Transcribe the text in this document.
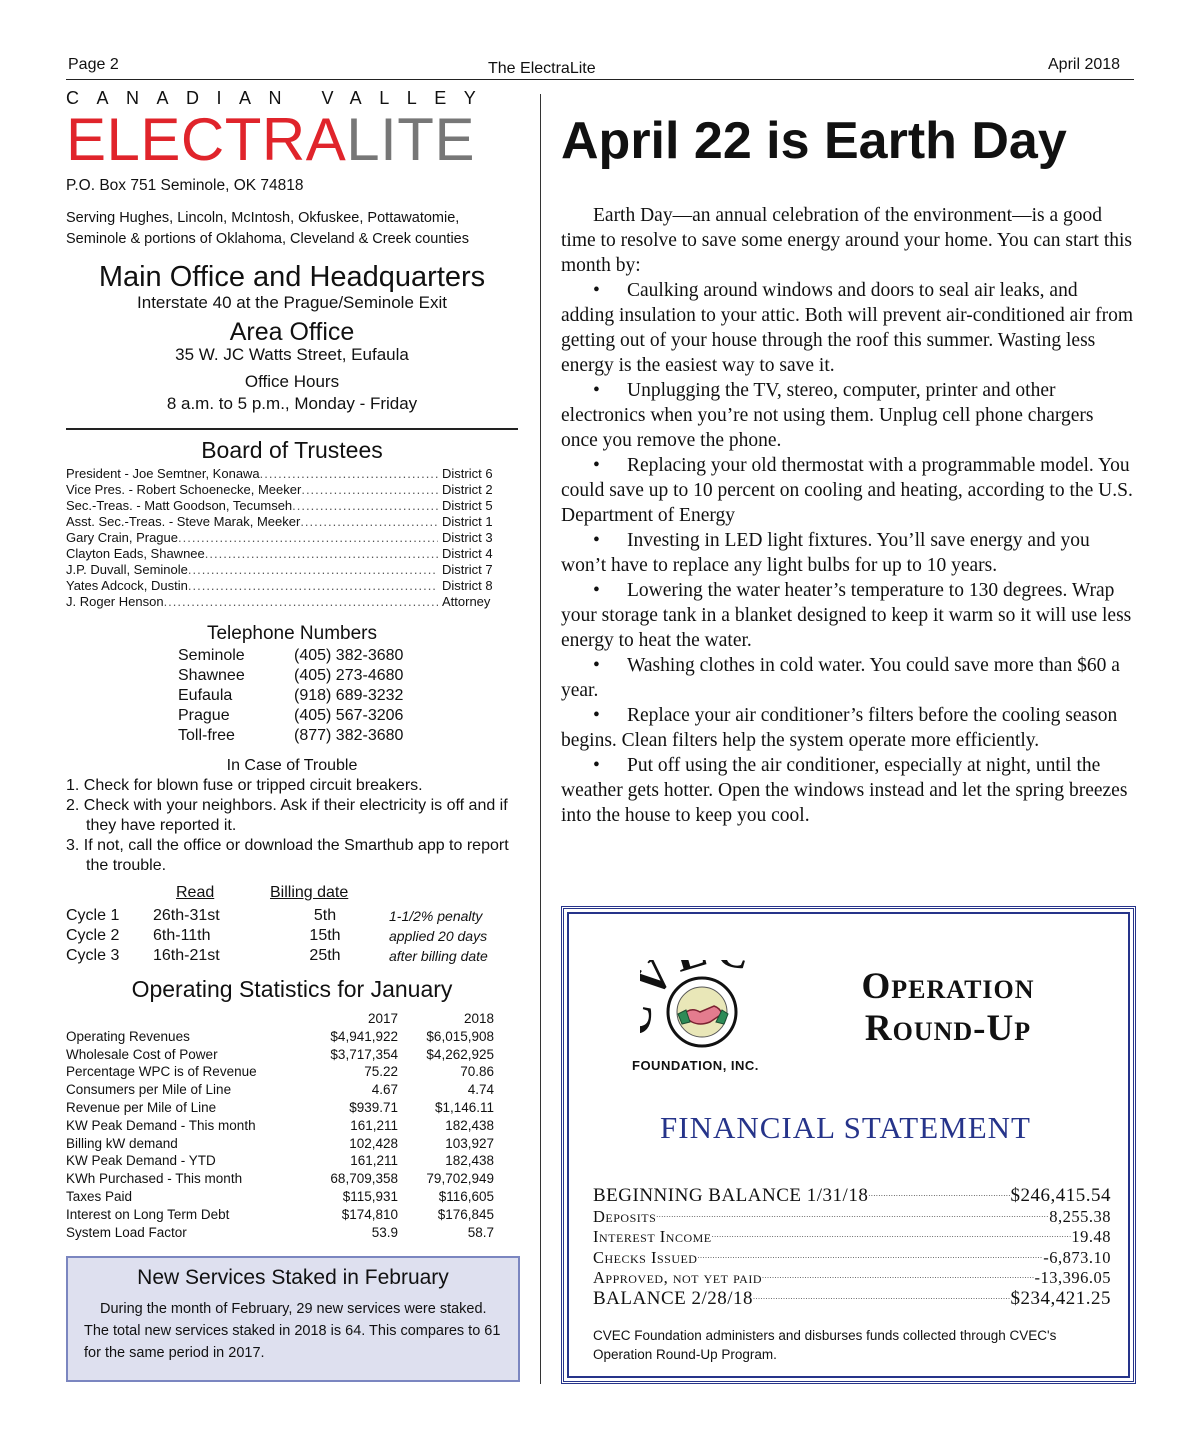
Page 2	The ElectraLite	April 2018
CANADIAN VALLEY
ELECTRALITE
P.O. Box 751 Seminole, OK 74818
Serving Hughes, Lincoln, McIntosh, Okfuskee, Pottawatomie,
Seminole & portions of Oklahoma, Cleveland & Creek counties
Main Office and Headquarters
Interstate 40 at the Prague/Seminole Exit
Area Office
35 W. JC Watts Street, Eufaula
Office Hours
8 a.m. to 5 p.m., Monday - Friday
Board of Trustees
President - Joe Semtner, Konawa .....	District 6
Vice Pres. - Robert Schoenecke, Meeker .....	District 2
Sec.-Treas. - Matt Goodson, Tecumseh .....	District 5
Asst. Sec.-Treas. - Steve Marak, Meeker .....	District 1
Gary Crain, Prague .....	District 3
Clayton Eads, Shawnee .....	District 4
J.P. Duvall, Seminole .....	District 7
Yates Adcock, Dustin .....	District 8
J. Roger Henson .....	Attorney
Telephone Numbers
Seminole	(405) 382-3680
Shawnee	(405) 273-4680
Eufaula	(918) 689-3232
Prague	(405) 567-3206
Toll-free	(877) 382-3680
In Case of Trouble
1. Check for blown fuse or tripped circuit breakers.
2. Check with your neighbors. Ask if their electricity is off and if they have reported it.
3. If not, call the office or download the Smarthub app to report the trouble.
Read	Billing date
Cycle 1	26th-31st	5th	1-1/2% penalty
Cycle 2	6th-11th	15th	applied 20 days
Cycle 3	16th-21st	25th	after billing date
Operating Statistics for January
2017	2018
Operating Revenues	$4,941,922	$6,015,908
Wholesale Cost of Power	$3,717,354	$4,262,925
Percentage WPC is of Revenue	75.22	70.86
Consumers per Mile of Line	4.67	4.74
Revenue per Mile of Line	$939.71	$1,146.11
KW Peak Demand - This month	161,211	182,438
Billing kW demand	102,428	103,927
KW Peak Demand - YTD	161,211	182,438
KWh Purchased - This month	68,709,358	79,702,949
Taxes Paid	$115,931	$116,605
Interest on Long Term Debt	$174,810	$176,845
System Load Factor	53.9	58.7
New Services Staked in February
During the month of February, 29 new services were staked. The total new services staked in 2018 is 64. This compares to 61 for the same period in 2017.
April 22 is Earth Day

Earth Day—an annual celebration of the environment—is a good time to resolve to save some energy around your home. You can start this month by:

• Caulking around windows and doors to seal air leaks, and adding insulation to your attic. Both will prevent air-conditioned air from getting out of your house through the roof this summer. Wasting less energy is the easiest way to save it.

• Unplugging the TV, stereo, computer, printer and other electronics when you’re not using them. Unplug cell phone chargers once you remove the phone.

• Replacing your old thermostat with a programmable model. You could save up to 10 percent on cooling and heating, according to the U.S. Department of Energy

• Investing in LED light fixtures. You’ll save energy and you won’t have to replace any light bulbs for up to 10 years.

• Lowering the water heater’s temperature to 130 degrees. Wrap your storage tank in a blanket designed to keep it warm so it will use less energy to heat the water.

• Washing clothes in cold water. You could save more than $60 a year.

• Replace your air conditioner’s filters before the cooling season begins. Clean filters help the system operate more efficiently.

• Put off using the air conditioner, especially at night, until the weather gets hotter. Open the windows instead and let the spring breezes into the house to keep you cool.

FOUNDATION, INC.
Operation
Round-Up
FINANCIAL STATEMENT
BEGINNING BALANCE 1/31/18 .....	$246,415.54
Deposits .....	8,255.38
Interest Income .....	19.48
Checks Issued .....	-6,873.10
Approved, not yet paid .....	-13,396.05
BALANCE 2/28/18 .....	$234,421.25
CVEC Foundation administers and disburses funds collected through CVEC's Operation Round-Up Program.
